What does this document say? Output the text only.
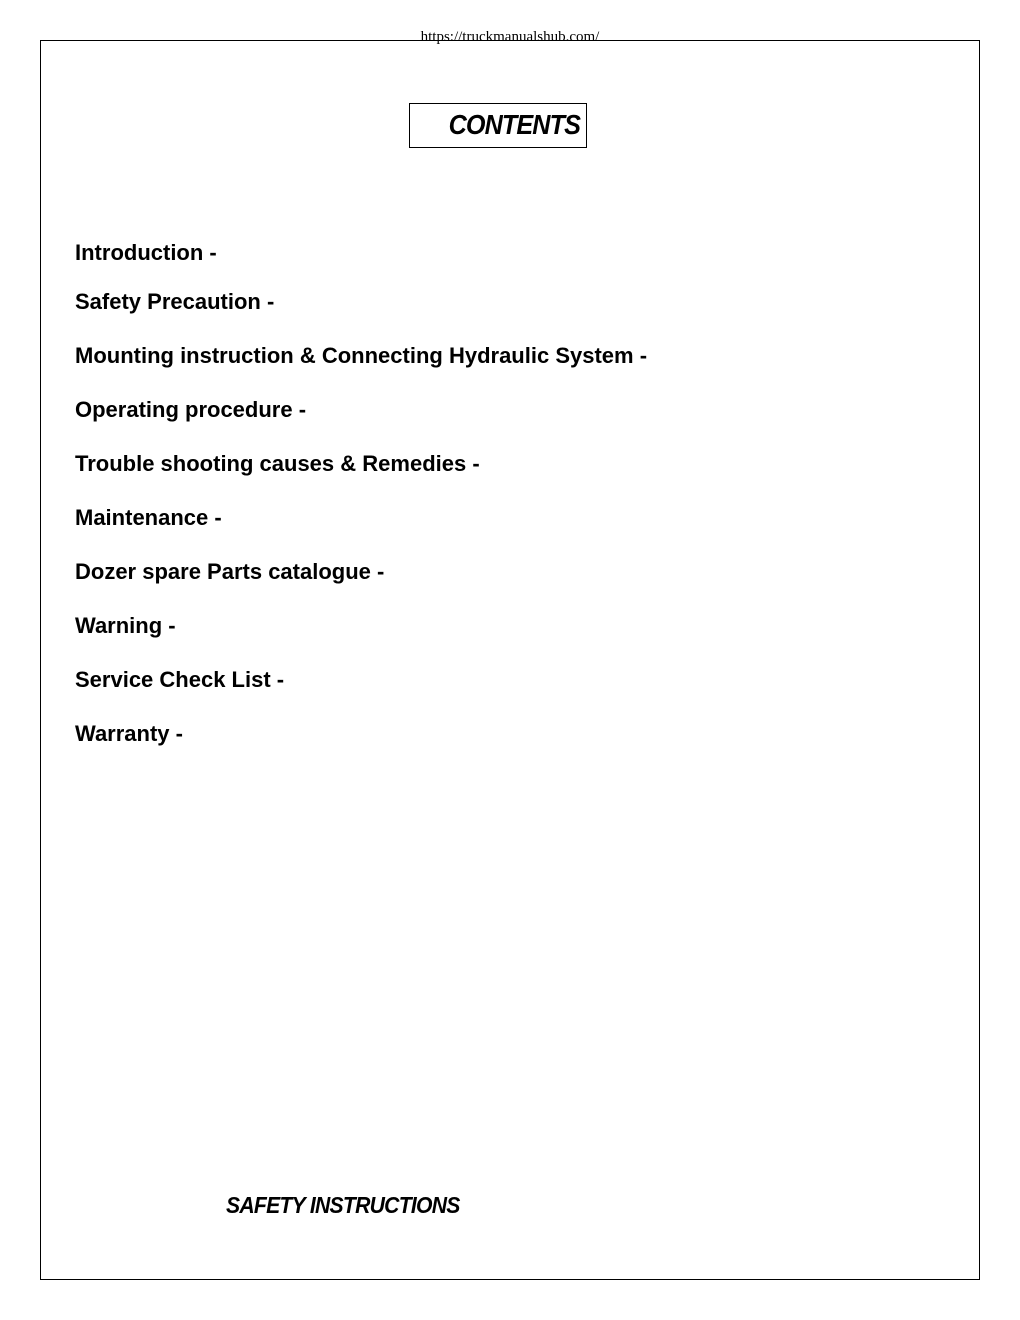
https://truckmanualshub.com/
CONTENTS
Introduction -
Safety Precaution -
Mounting instruction & Connecting Hydraulic System -
Operating procedure -
Trouble shooting causes & Remedies -
Maintenance -
Dozer spare Parts catalogue -
Warning -
Service Check List -
Warranty -
SAFETY INSTRUCTIONS
